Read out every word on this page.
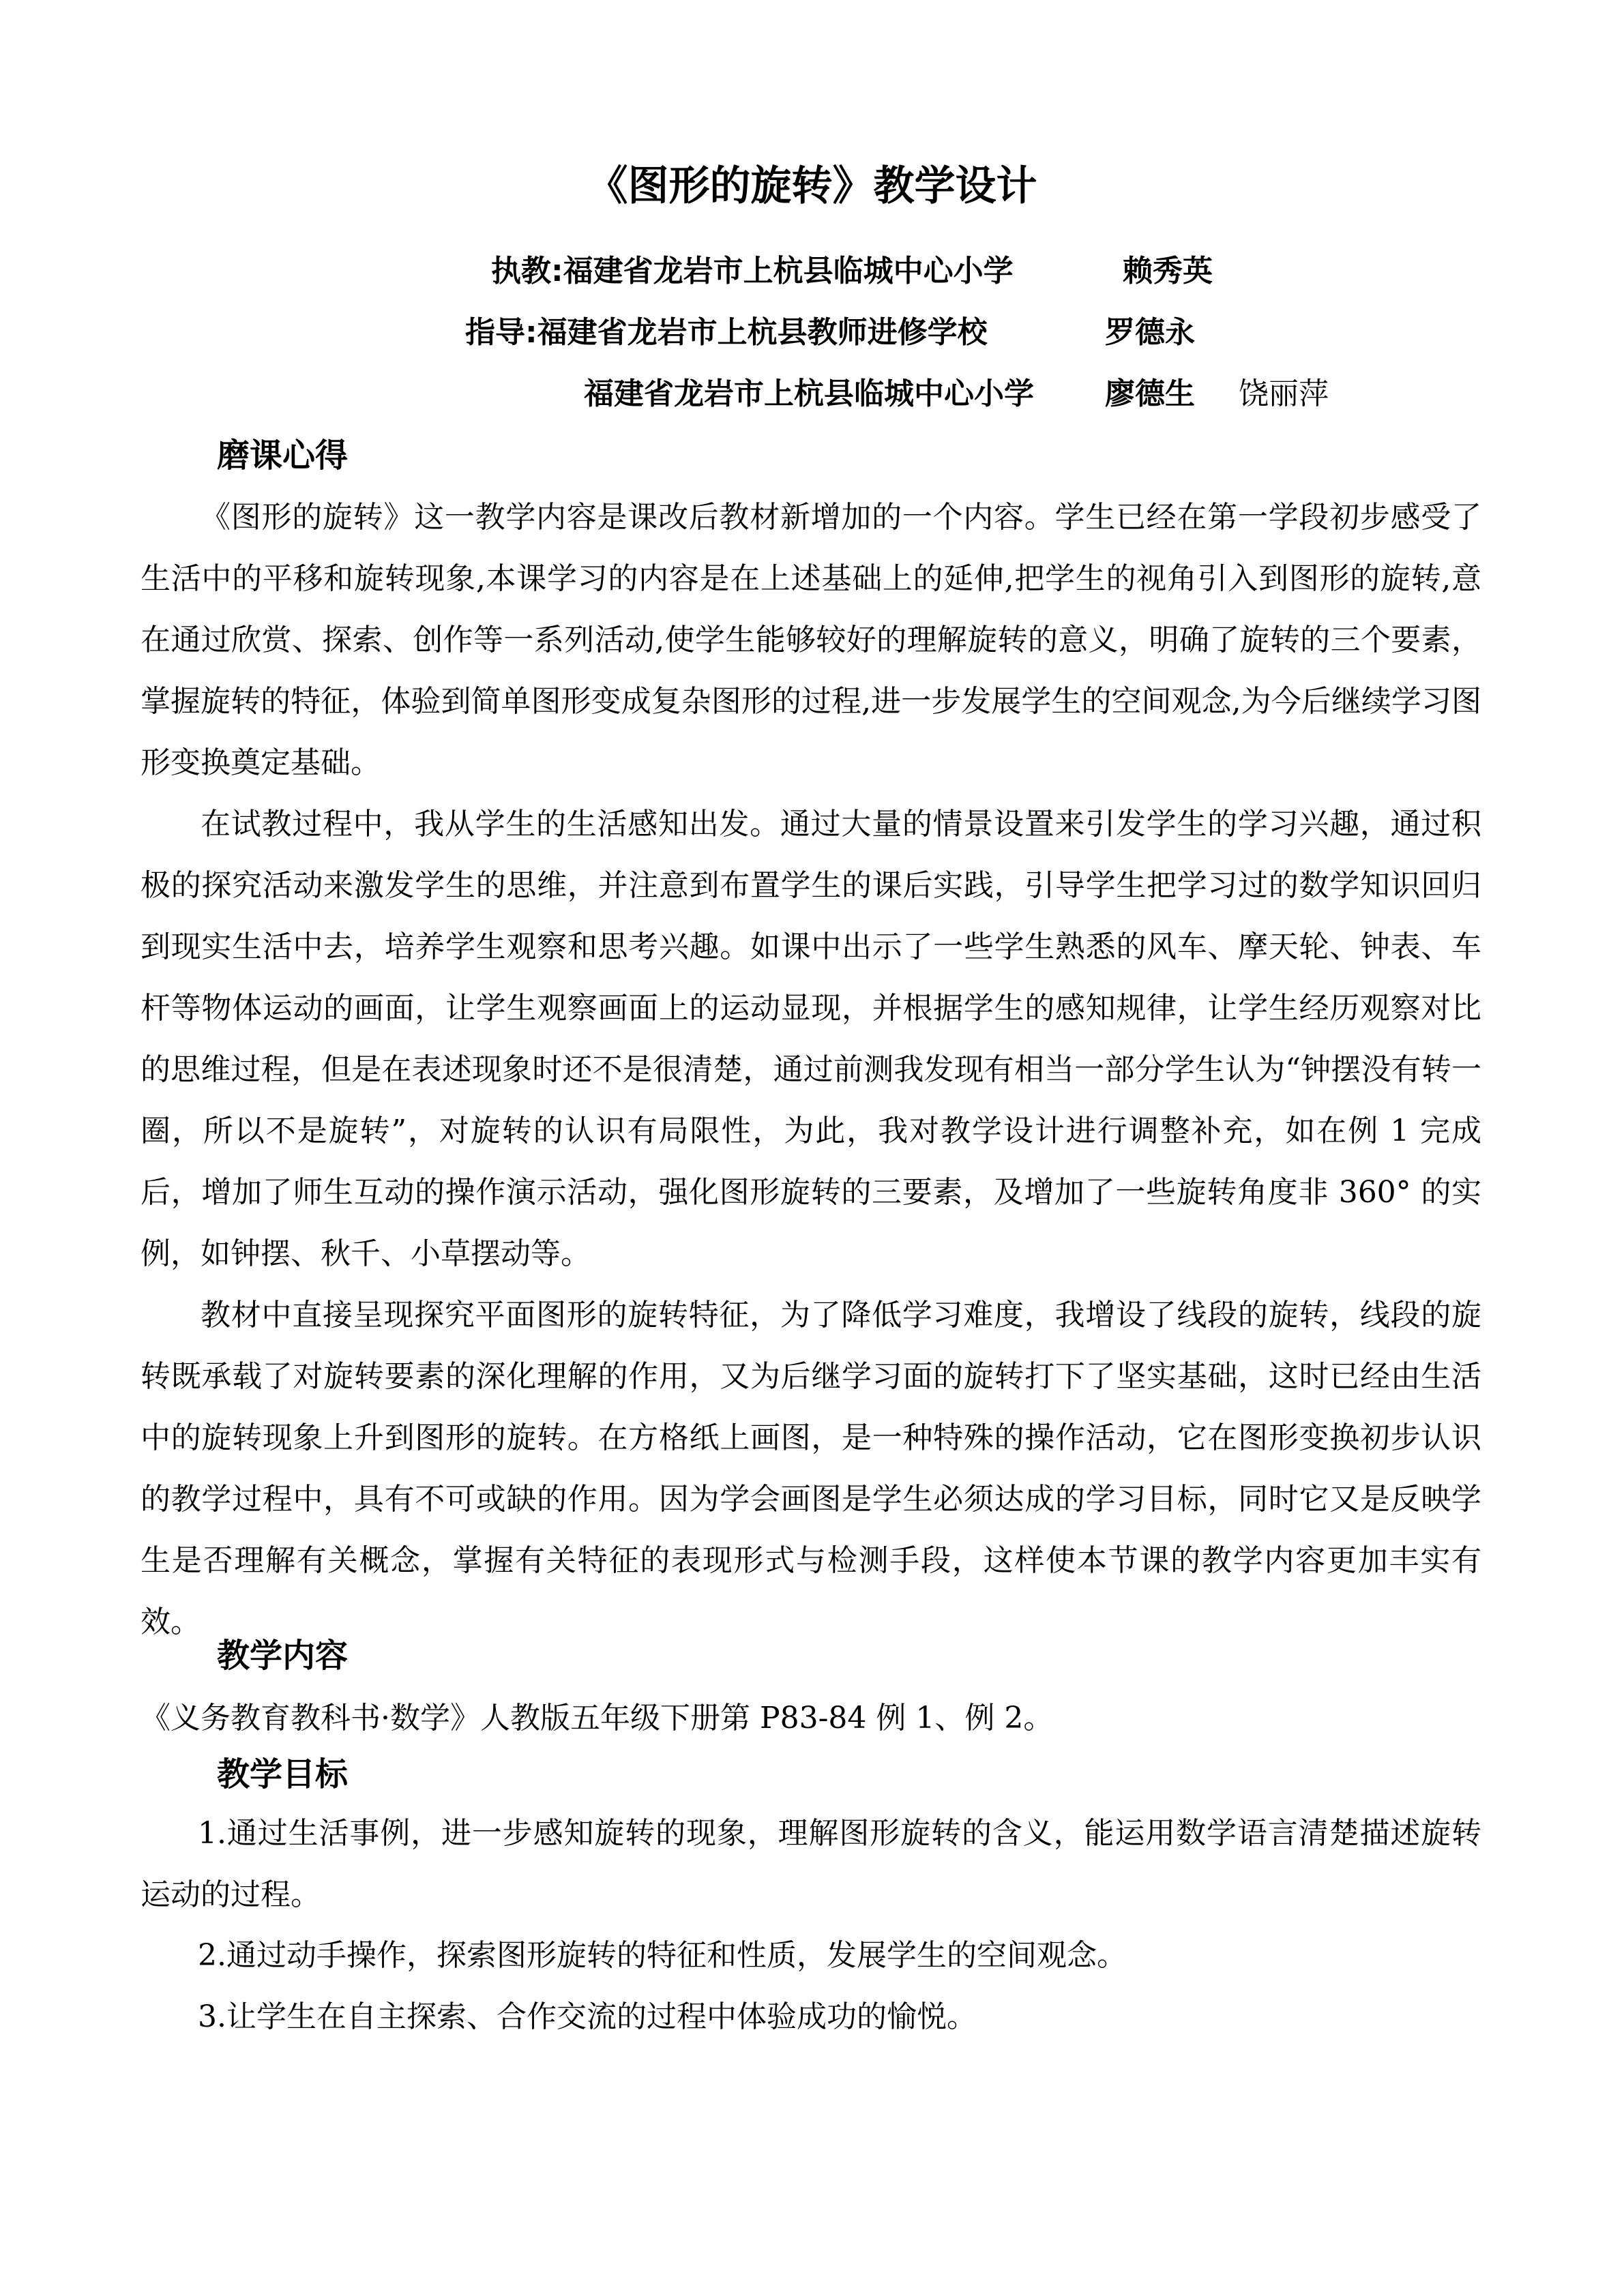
《图形的旋转》教学设计
执教:福建省龙岩市上杭县临城中心小学	赖秀英
指导:福建省龙岩市上杭县教师进修学校	罗德永
福建省龙岩市上杭县临城中心小学 廖德生 饶丽萍
磨课心得

《图形的旋转》这一教学内容是课改后教材新增加的一个内容。学生已经在第一学段初步感受了生活中的平移和旋转现象,本课学习的内容是在上述基础上的延伸,把学生的视角引入到图形的旋转,意在通过欣赏、探索、创作等一系列活动,使学生能够较好的理解旋转的意义，明确了旋转的三个要素，掌握旋转的特征，体验到简单图形变成复杂图形的过程,进一步发展学生的空间观念,为今后继续学习图形变换奠定基础。

在试教过程中，我从学生的生活感知出发。通过大量的情景设置来引发学生的学习兴趣，通过积极的探究活动来激发学生的思维，并注意到布置学生的课后实践，引导学生把学习过的数学知识回归到现实生活中去，培养学生观察和思考兴趣。如课中出示了一些学生熟悉的风车、摩天轮、钟表、车杆等物体运动的画面，让学生观察画面上的运动显现，并根据学生的感知规律，让学生经历观察对比的思维过程，但是在表述现象时还不是很清楚，通过前测我发现有相当一部分学生认为“钟摆没有转一圈，所以不是旋转”，对旋转的认识有局限性，为此，我对教学设计进行调整补充，如在例 1 完成后，增加了师生互动的操作演示活动，强化图形旋转的三要素，及增加了一些旋转角度非 360° 的实例，如钟摆、秋千、小草摆动等。

教材中直接呈现探究平面图形的旋转特征，为了降低学习难度，我增设了线段的旋转，线段的旋转既承载了对旋转要素的深化理解的作用，又为后继学习面的旋转打下了坚实基础，这时已经由生活中的旋转现象上升到图形的旋转。在方格纸上画图，是一种特殊的操作活动，它在图形变换初步认识的教学过程中，具有不可或缺的作用。因为学会画图是学生必须达成的学习目标，同时它又是反映学生是否理解有关概念，掌握有关特征的表现形式与检测手段，这样使本节课的教学内容更加丰实有效。

教学内容
《义务教育教科书·数学》人教版五年级下册第 P83-84 例 1、例 2。
教学目标

1.通过生活事例，进一步感知旋转的现象，理解图形旋转的含义，能运用数学语言清楚描述旋转运动的过程。

2.通过动手操作，探索图形旋转的特征和性质，发展学生的空间观念。
3.让学生在自主探索、合作交流的过程中体验成功的愉悦。
